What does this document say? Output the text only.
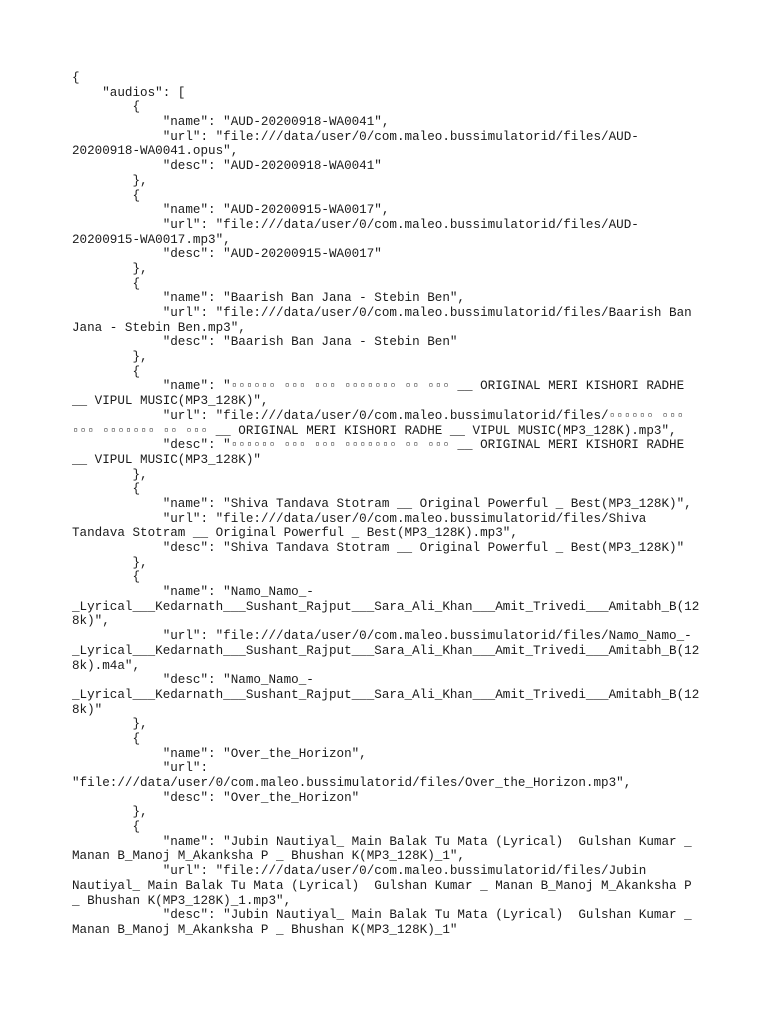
{
"audios": [
{
"name": "AUD-20200918-WA0041",
"url": "file:///data/user/0/com.maleo.bussimulatorid/files/AUD-
20200918-WA0041.opus",
"desc": "AUD-20200918-WA0041"
},
{
"name": "AUD-20200915-WA0017",
"url": "file:///data/user/0/com.maleo.bussimulatorid/files/AUD-
20200915-WA0017.mp3",
"desc": "AUD-20200915-WA0017"
},
{
"name": "Baarish Ban Jana - Stebin Ben",
"url": "file:///data/user/0/com.maleo.bussimulatorid/files/Baarish Ban
Jana - Stebin Ben.mp3",
"desc": "Baarish Ban Jana - Stebin Ben"
},
{
"name": "▫▫▫▫▫▫ ▫▫▫ ▫▫▫ ▫▫▫▫▫▫▫ ▫▫ ▫▫▫ __ ORIGINAL MERI KISHORI RADHE
__ VIPUL MUSIC(MP3_128K)",
"url": "file:///data/user/0/com.maleo.bussimulatorid/files/▫▫▫▫▫▫ ▫▫▫
▫▫▫ ▫▫▫▫▫▫▫ ▫▫ ▫▫▫ __ ORIGINAL MERI KISHORI RADHE __ VIPUL MUSIC(MP3_128K).mp3",
"desc": "▫▫▫▫▫▫ ▫▫▫ ▫▫▫ ▫▫▫▫▫▫▫ ▫▫ ▫▫▫ __ ORIGINAL MERI KISHORI RADHE
__ VIPUL MUSIC(MP3_128K)"
},
{
"name": "Shiva Tandava Stotram __ Original Powerful _ Best(MP3_128K)",
"url": "file:///data/user/0/com.maleo.bussimulatorid/files/Shiva
Tandava Stotram __ Original Powerful _ Best(MP3_128K).mp3",
"desc": "Shiva Tandava Stotram __ Original Powerful _ Best(MP3_128K)"
},
{
"name": "Namo_Namo_-
_Lyrical___Kedarnath___Sushant_Rajput___Sara_Ali_Khan___Amit_Trivedi___Amitabh_B(12
8k)",
"url": "file:///data/user/0/com.maleo.bussimulatorid/files/Namo_Namo_-
_Lyrical___Kedarnath___Sushant_Rajput___Sara_Ali_Khan___Amit_Trivedi___Amitabh_B(12
8k).m4a",
"desc": "Namo_Namo_-
_Lyrical___Kedarnath___Sushant_Rajput___Sara_Ali_Khan___Amit_Trivedi___Amitabh_B(12
8k)"
},
{
"name": "Over_the_Horizon",
"url":
"file:///data/user/0/com.maleo.bussimulatorid/files/Over_the_Horizon.mp3",
"desc": "Over_the_Horizon"
},
{
"name": "Jubin Nautiyal_ Main Balak Tu Mata (Lyrical)  Gulshan Kumar _
Manan B_Manoj M_Akanksha P _ Bhushan K(MP3_128K)_1",
"url": "file:///data/user/0/com.maleo.bussimulatorid/files/Jubin
Nautiyal_ Main Balak Tu Mata (Lyrical)  Gulshan Kumar _ Manan B_Manoj M_Akanksha P
_ Bhushan K(MP3_128K)_1.mp3",
"desc": "Jubin Nautiyal_ Main Balak Tu Mata (Lyrical)  Gulshan Kumar _
Manan B_Manoj M_Akanksha P _ Bhushan K(MP3_128K)_1"
